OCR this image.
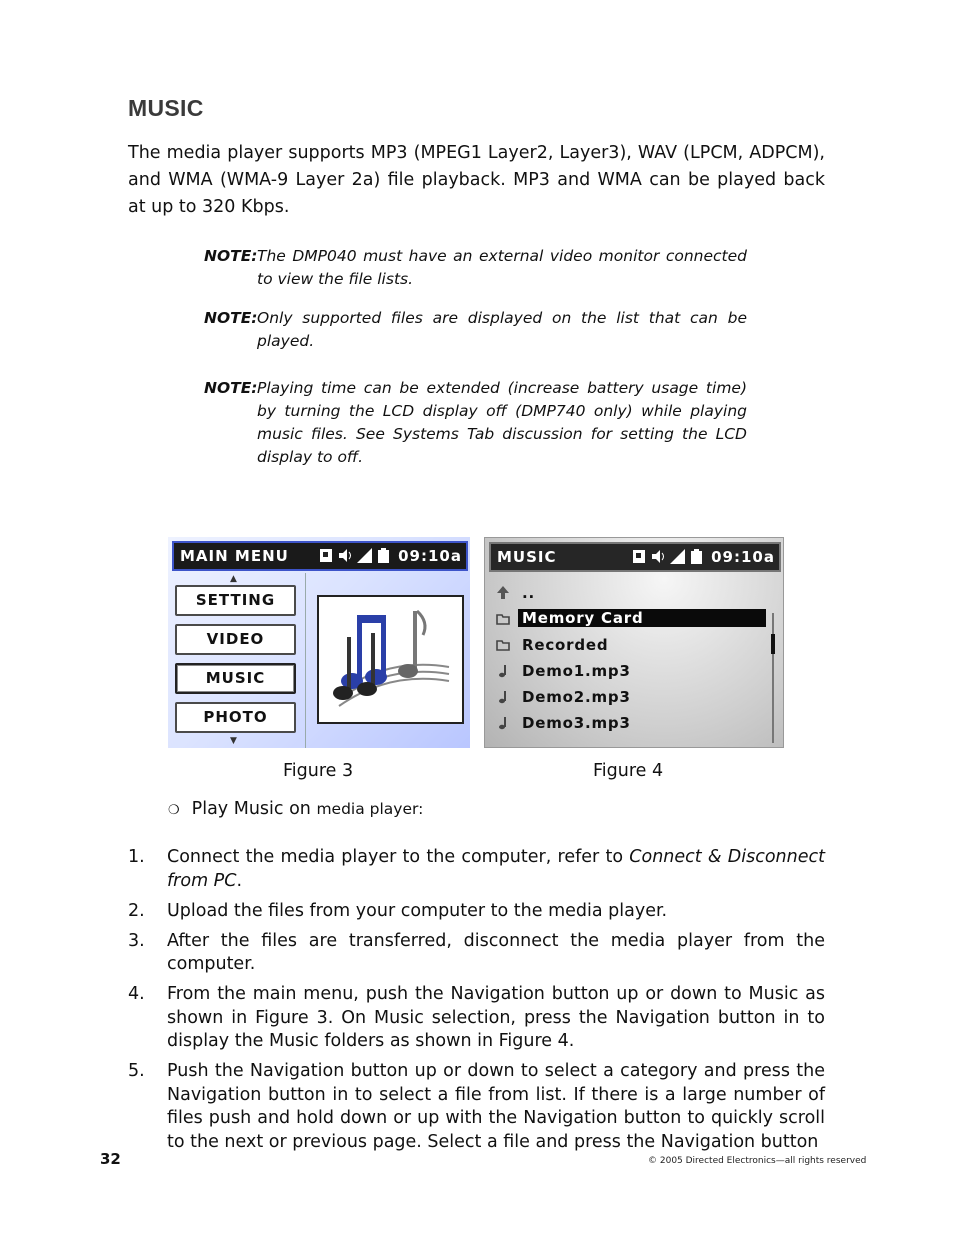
MUSIC
The media player supports MP3 (MPEG1 Layer2, Layer3), WAV (LPCM, ADPCM), and WMA (WMA-9 Layer 2a) file playback. MP3 and WMA can be played back at up to 320 Kbps.
NOTE: The DMP040 must have an external video monitor connected to view the file lists.
NOTE: Only supported files are displayed on the list that can be played.
NOTE: Playing time can be extended (increase battery usage time) by turning the LCD display off (DMP740 only) while playing music files. See Systems Tab discussion for setting the LCD display to off.
MAIN MENU	09:10a
▲
SETTING
VIDEO
MUSIC
PHOTO
▼
MUSIC	09:10a
..
Memory Card
Recorded
Demo1.mp3
Demo2.mp3
Demo3.mp3
Figure 3	Figure 4
❍ Play Music on media player:
1. Connect the media player to the computer, refer to Connect & Disconnect from PC.
2. Upload the files from your computer to the media player.
3. After the files are transferred, disconnect the media player from the computer.
4. From the main menu, push the Navigation button up or down to Music as shown in Figure 3. On Music selection, press the Navigation button in to display the Music folders as shown in Figure 4.
5. Push the Navigation button up or down to select a category and press the Navigation button in to select a file from list. If there is a large number of files push and hold down or up with the Navigation button to quickly scroll to the next or previous page. Select a file and press the Navigation button
32	© 2005 Directed Electronics—all rights reserved
